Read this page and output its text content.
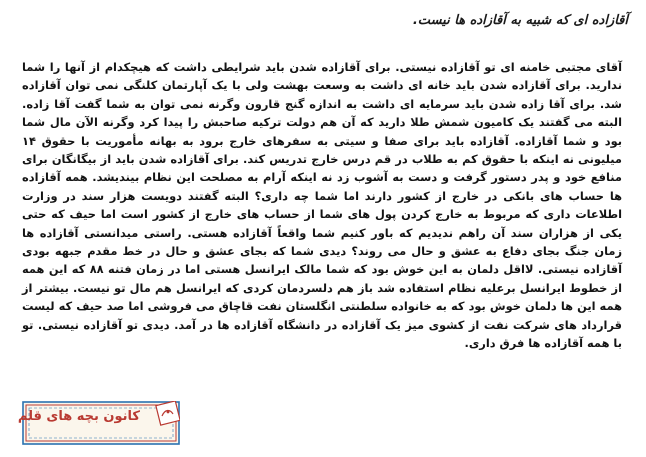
آقازاده ای که شبیه به آقازاده ها نیست.

آقای مجتبی خامنه ای تو آقازاده نیستی. برای آقازاده شدن باید شرایطی داشت که هیچکدام از آنها را شما ندارید. برای آقازاده شدن باید خانه ای داشت به وسعت بهشت ولی با یک آپارتمان کلنگی نمی توان آقازاده شد. برای آقا زاده شدن باید سرمایه ای داشت به اندازه گنج قارون وگرنه نمی توان به شما گفت آقا زاده. البته می گفتند یک کامیون شمش طلا دارید که آن هم دولت ترکیه صاحبش را پیدا کرد وگرنه الآن مال شما بود و شما آقازاده. آقازاده باید برای صفا و سیتی به سفرهای خارج برود به بهانه مأموریت با حقوق ۱۴ میلیونی نه اینکه با حقوق کم به طلاب در قم درس خارج تدریس کند. برای آقازاده شدن باید از بیگانگان برای منافع خود و پدر دستور گرفت و دست به آشوب زد نه اینکه آرام به مصلحت این نظام بیندیشد. همه آقازاده ها حساب های بانکی در خارج از کشور دارند اما شما چه داری؟ البته گفتند دویست هزار سند در وزارت اطلاعات داری که مربوط به خارج کردن پول های شما از حساب های خارج از کشور است اما حیف که حتی یکی از هزاران سند آن راهم ندیدیم که باور کنیم شما واقعاً آقازاده هستی. راستی میدانستی آقازاده ها زمان جنگ بجای دفاع به عشق و حال می روند؟ دیدی شما که بجای عشق و حال در خط مقدم جبهه بودی آقازاده نیستی. لااقل دلمان به این خوش بود که شما مالک ایرانسل هستی اما در زمان فتنه ۸۸ که این همه از خطوط ایرانسل برعلیه نظام استفاده شد باز هم دلسردمان کردی که ایرانسل هم مال تو نیست. بیشتر از همه این ها دلمان خوش بود که به خانواده سلطنتی انگلستان نفت قاچاق می فروشی اما صد حیف که لیست قرارداد های شرکت نفت از کشوی میز یک آقازاده در دانشگاه آقازاده ها در آمد. دیدی تو آقازاده نیستی. تو با همه آقازاده ها فرق داری.

کانون بچه های قلم
